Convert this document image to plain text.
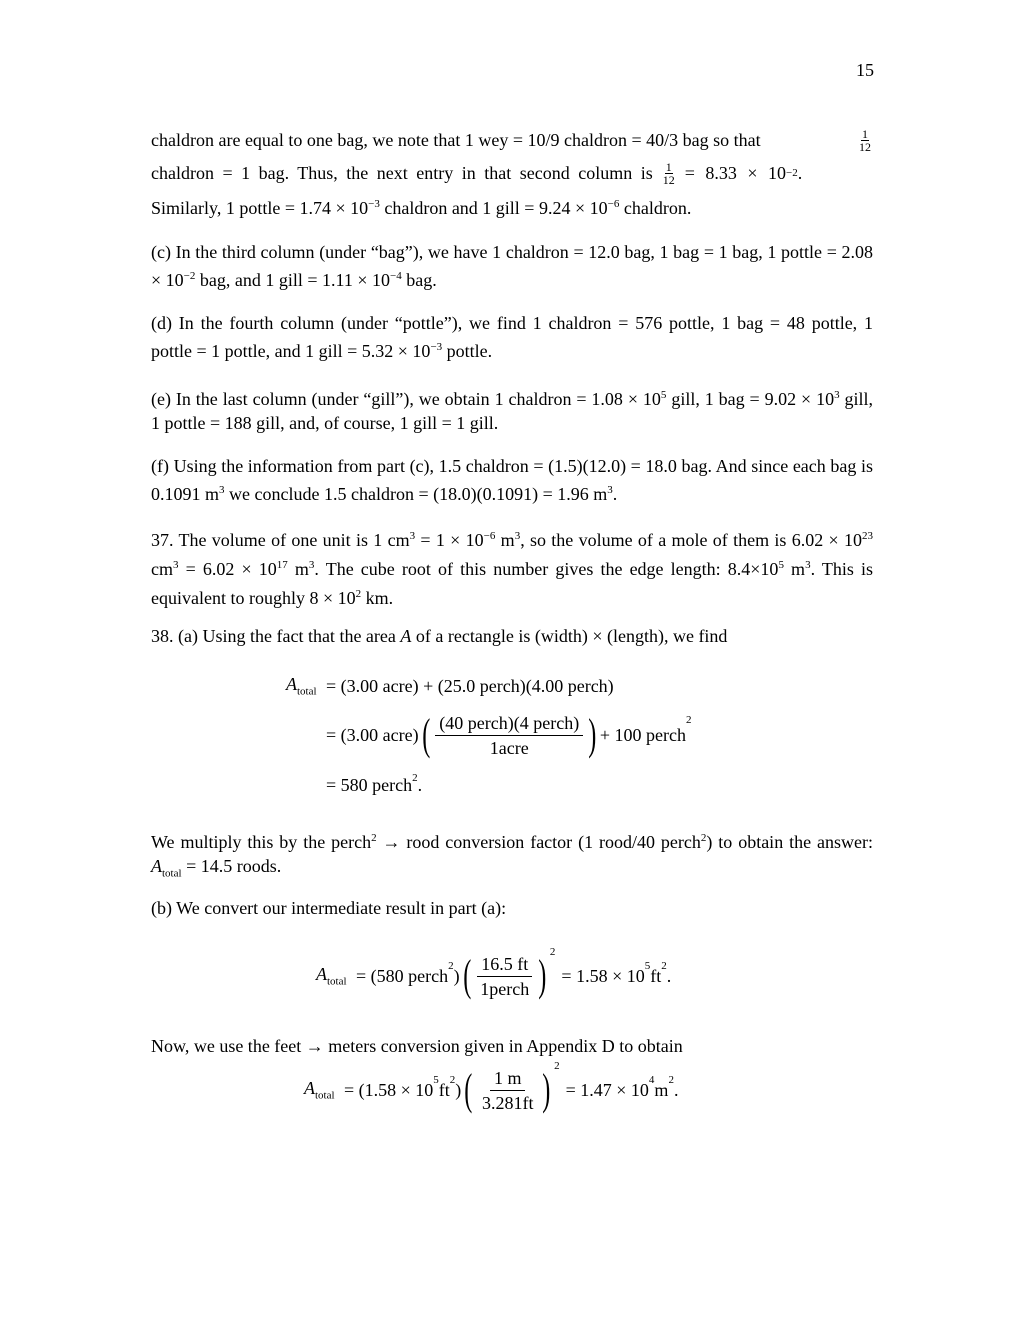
15

chaldron are equal to one bag, we note that 1 wey = 10/9 chaldron = 40/3 bag so that	1
12

chaldron = 1 bag. Thus, the next entry in that second column is $\frac{1}{12} = 8.33 \times 10 -2$ .

Similarly, 1 pottle = $1.74 \times 10^{-3}$ chaldron and 1 gill = $9.24 \times 10^{-6}$ chaldron.

(c) In the third column (under “bag”), we have 1 chaldron = 12.0 bag, 1 bag = 1 bag, 1 pottle = $2.08 \times 10^{-2}$ bag, and 1 gill = $1.11 \times 10^{-4}$ bag.

(d) In the fourth column (under “pottle”), we find 1 chaldron = 576 pottle, 1 bag = 48 pottle, 1 pottle = 1 pottle, and 1 gill = $5.32 \times 10^{-3}$ pottle.

(e) In the last column (under “gill”), we obtain 1 chaldron = $1.08 \times 10^5$ gill, 1 bag = $9.02 \times 10^3$ gill, 1 pottle = 188 gill, and, of course, 1 gill = 1 gill.

(f) Using the information from part (c), 1.5 chaldron = (1.5)(12.0) = 18.0 bag. And since each bag is 0.1091 $m^3$ we conclude 1.5 chaldron = (18.0)(0.1091) = 1.96 $m^3$.

37. The volume of one unit is 1 $cm^3 = 1 \times 10^{-6}$ $m^3$, so the volume of a mole of them is $6.02 \times 10^{23}$ $cm^3 = 6.02 \times 10^{17}$ $m^3$. The cube root of this number gives the edge length: $8.4\times 10^5$ $m^3$. This is equivalent to roughly $8 \times 10^2$ km.

38. (a) Using the fact that the area A of a rectangle is (width) × (length), we find

$A_{total} = (3.00$ acre) + (25.0 perch)(4.00 perch)
= (3.00 acre) ( $\frac{\text{(40 perch)(4 perch)}}{\text{1acre}}$ ) + 100 perch
$^2$
= 580 perch$^2$ .

We multiply this by the perch$^2$ → rood conversion factor (1 rood/40 perch$^2$) to obtain the answer: $A_{total} = 14.5$ roods.

(b) We convert our intermediate result in part (a):

$A_{total} = (580$ perch$^2$ ) ( $\frac{16.5 ft}{\text{1perch}}$ ) $^2$
= $1.58 \times 10^5$ $ft^2$ .

Now, we use the feet → meters conversion given in Appendix D to obtain

$A_{total} = (1.58 \times 10^5$ $ft^2$ ) ( $\frac{1 m}{3.281ft}$ ) $^2$
= $1.47 \times 10^4$ $m^2$ .
